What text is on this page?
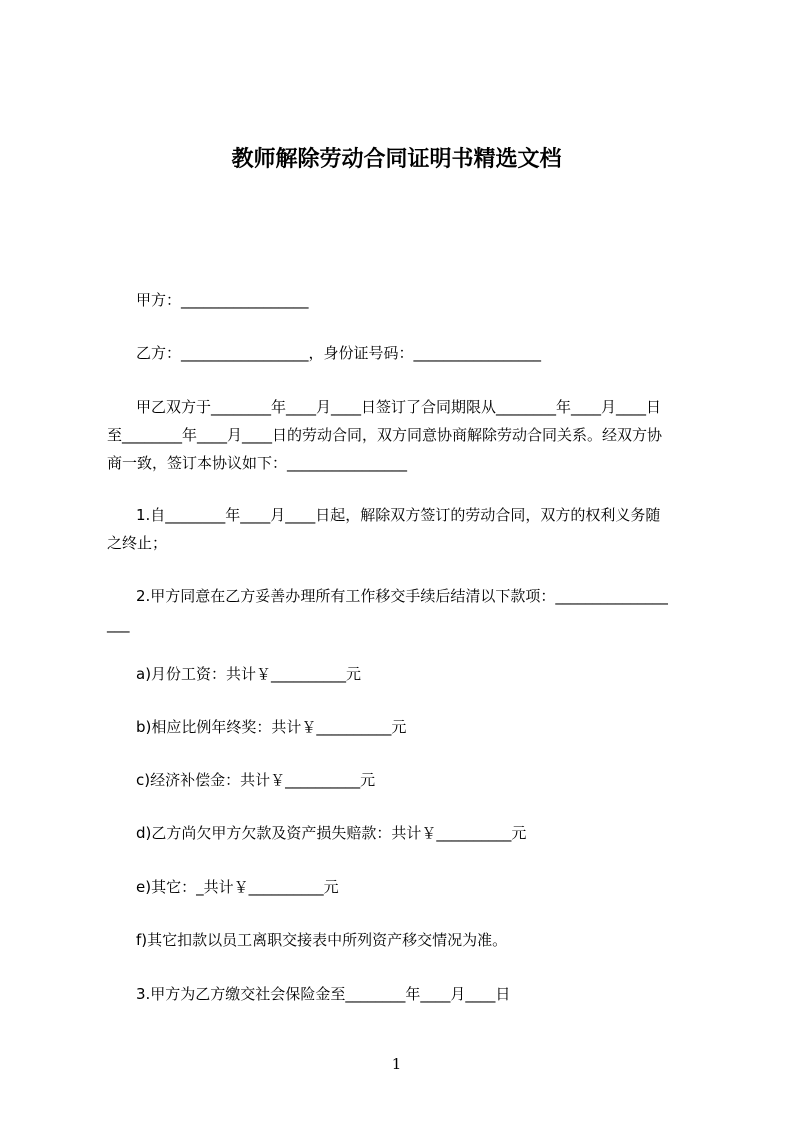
教师解除劳动合同证明书精选文档
甲方：_________________
乙方：_________________，身份证号码：_________________
甲乙双方于________年____月____日签订了合同期限从________年____月____日
至________年____月____日的劳动合同，双方同意协商解除劳动合同关系。经双方协
商一致，签订本协议如下：________________
1.自________年____月____日起，解除双方签订的劳动合同，双方的权利义务随
之终止；
2.甲方同意在乙方妥善办理所有工作移交手续后结清以下款项：_______________
___
a)月份工资：共计￥__________元
b)相应比例年终奖：共计￥__________元
c)经济补偿金：共计￥__________元
d)乙方尚欠甲方欠款及资产损失赔款：共计￥__________元
e)其它：_共计￥__________元
f)其它扣款以员工离职交接表中所列资产移交情况为准。
3.甲方为乙方缴交社会保险金至________年____月____日
1
